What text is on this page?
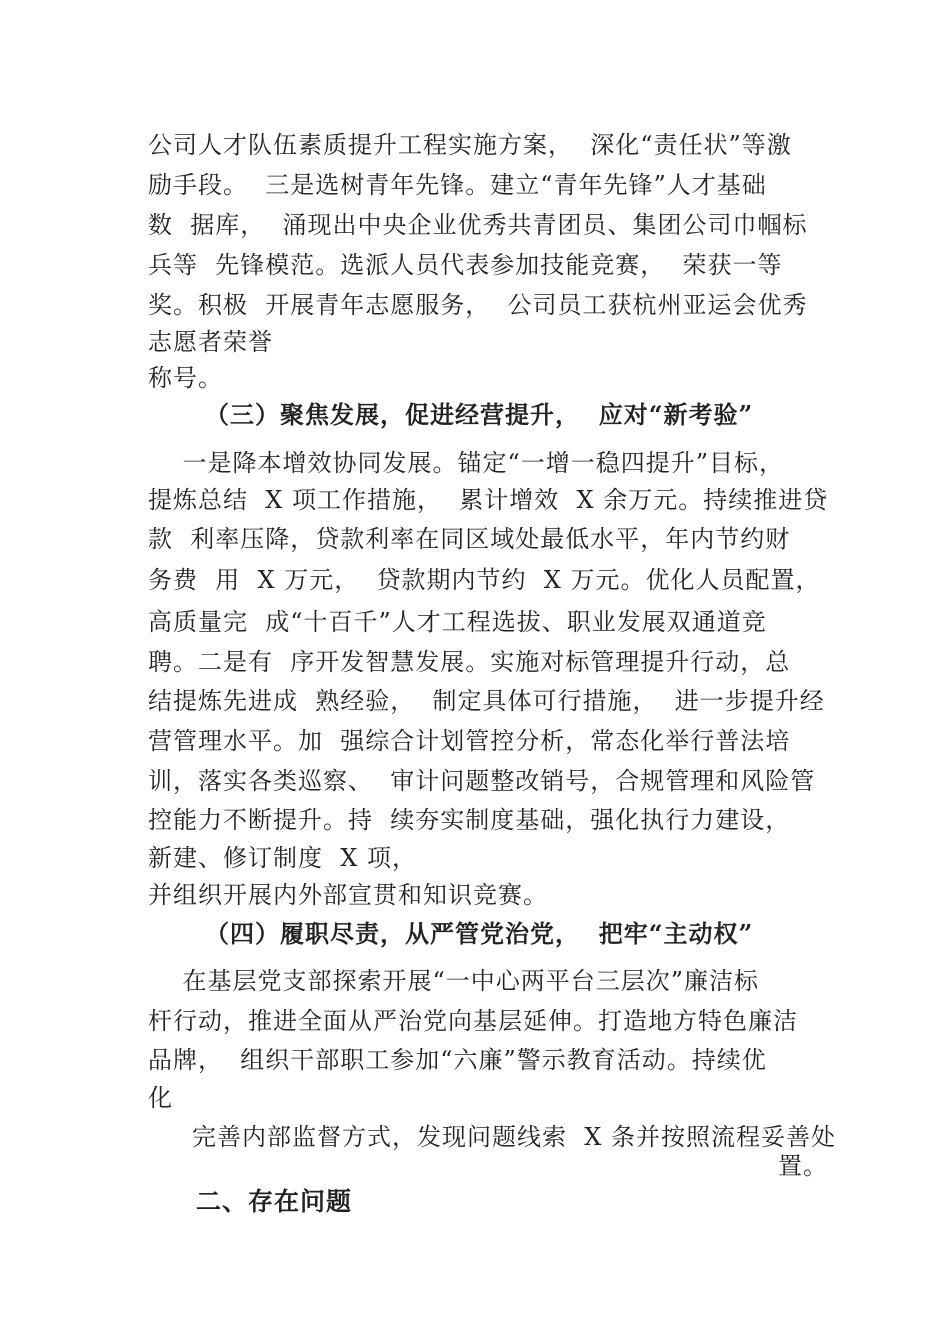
公司人才队伍素质提升工程实施方案，  深化“责任状”等激
励手段。  三是选树青年先锋。建立“青年先锋”人才基础
数  据库，  涌现出中央企业优秀共青团员、集团公司巾帼标
兵等  先锋模范。选派人员代表参加技能竞赛，  荣获一等
奖。积极  开展青年志愿服务，  公司员工获杭州亚运会优秀
志愿者荣誉
称号。
（三）聚焦发展，促进经营提升，  应对“新考验”
一是降本增效协同发展。锚定“一增一稳四提升”目标，
提炼总结  X 项工作措施，  累计增效  X 余万元。持续推进贷
款  利率压降，贷款利率在同区域处最低水平，年内节约财
务费  用  X 万元，  贷款期内节约  X 万元。优化人员配置，
高质量完  成“十百千”人才工程选拔、职业发展双通道竞
聘。二是有  序开发智慧发展。实施对标管理提升行动，总
结提炼先进成  熟经验，  制定具体可行措施，  进一步提升经
营管理水平。加  强综合计划管控分析，常态化举行普法培
训，落实各类巡察、  审计问题整改销号，合规管理和风险管
控能力不断提升。持  续夯实制度基础，强化执行力建设，
新建、修订制度  X 项，
并组织开展内外部宣贯和知识竞赛。
（四）履职尽责，从严管党治党，  把牢“主动权”
在基层党支部探索开展“一中心两平台三层次”廉洁标
杆行动，推进全面从严治党向基层延伸。打造地方特色廉洁
品牌，  组织干部职工参加“六廉”警示教育活动。持续优
化
完善内部监督方式，发现问题线索  X 条并按照流程妥善处
置。
二、存在问题
